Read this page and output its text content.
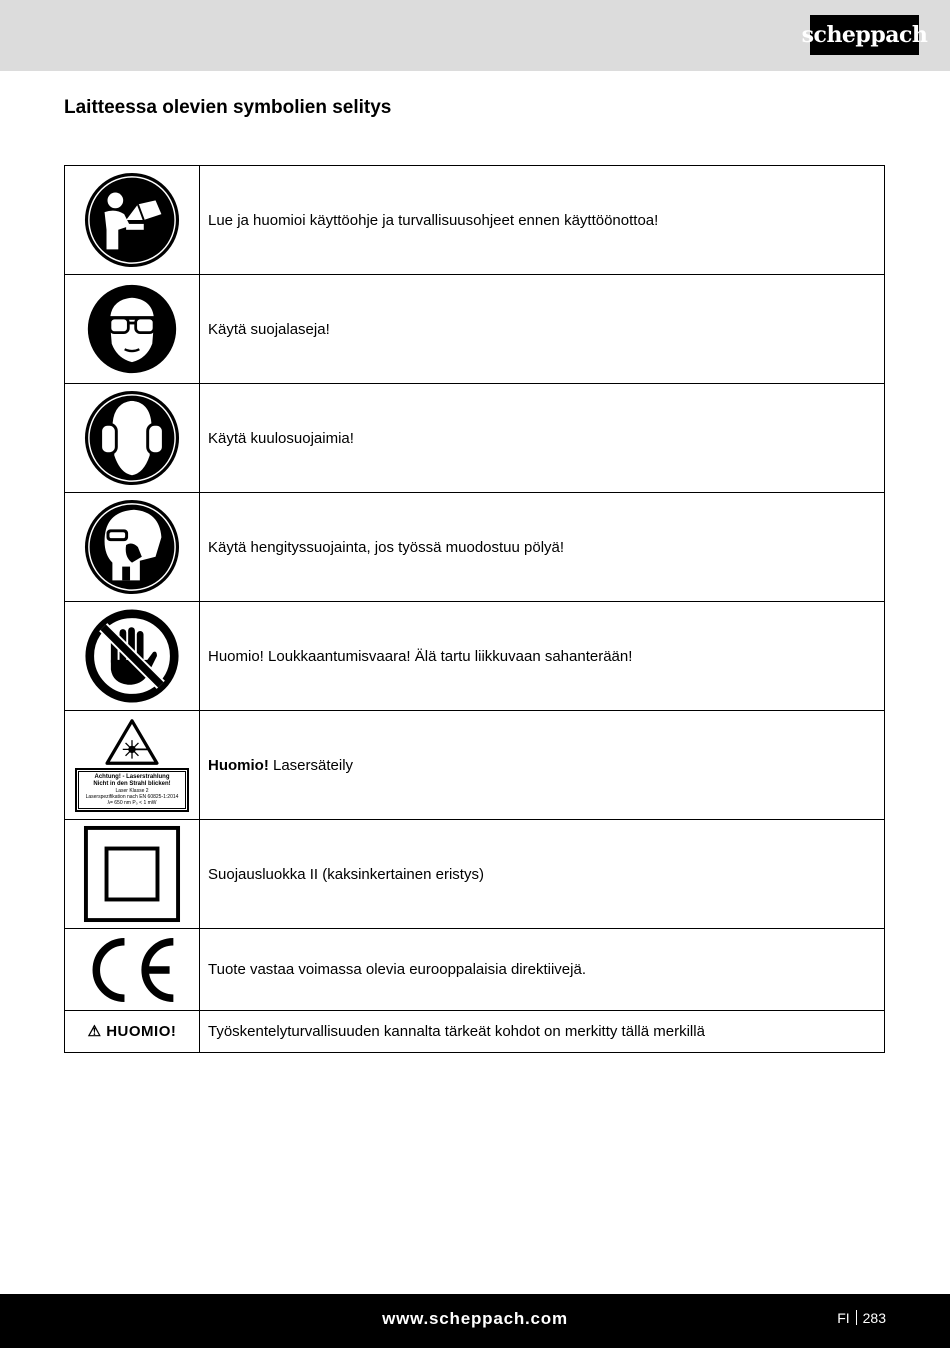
scheppach
Laitteessa olevien symbolien selitys
	Lue ja huomioi käyttöohje ja turvallisuusohjeet ennen käyttöönottoa!

	Käytä suojalaseja!

	Käytä kuulosuojaimia!

	Käytä hengityssuojainta, jos työssä muodostuu pölyä!

	Huomio! Loukkaantumisvaara! Älä tartu liikkuvaan sahanterään!

Achtung! - Laserstrahlung
Nicht in den Strahl blicken!
Laser Klasse 2
Laserspezifikation nach EN 60825-1:2014
λ= 650 nm P₀ < 1 mW	Huomio! Lasersäteily

	Suojausluokka II (kaksinkertainen eristys)

	Tuote vastaa voimassa olevia eurooppalaisia direktiivejä.
⚠ HUOMIO!	Työskentelyturvallisuuden kannalta tärkeät kohdot on merkitty tällä merkillä
www.scheppach.com	FI 283
